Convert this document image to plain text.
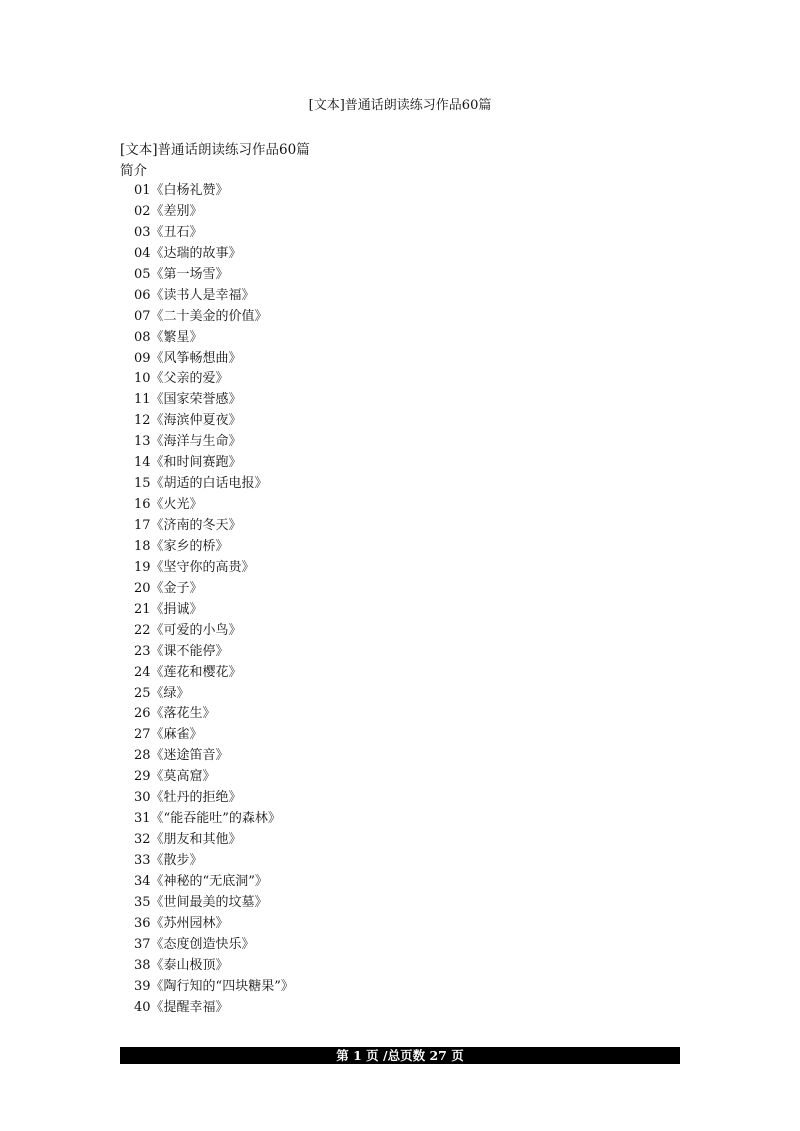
[文本]普通话朗读练习作品60篇
[文本]普通话朗读练习作品60篇
简介
01《白杨礼赞》
02《差别》
03《丑石》
04《达瑞的故事》
05《第一场雪》
06《读书人是幸福》
07《二十美金的价值》
08《繁星》
09《风筝畅想曲》
10《父亲的爱》
11《国家荣誉感》
12《海滨仲夏夜》
13《海洋与生命》
14《和时间赛跑》
15《胡适的白话电报》
16《火光》
17《济南的冬天》
18《家乡的桥》
19《坚守你的高贵》
20《金子》
21《捐诚》
22《可爱的小鸟》
23《课不能停》
24《莲花和樱花》
25《绿》
26《落花生》
27《麻雀》
28《迷途笛音》
29《莫高窟》
30《牡丹的拒绝》
31《“能吞能吐”的森林》
32《朋友和其他》
33《散步》
34《神秘的“无底洞”》
35《世间最美的坟墓》
36《苏州园林》
37《态度创造快乐》
38《泰山极顶》
39《陶行知的“四块糖果”》
40《提醒幸福》
第 1 页 /总页数 27 页
